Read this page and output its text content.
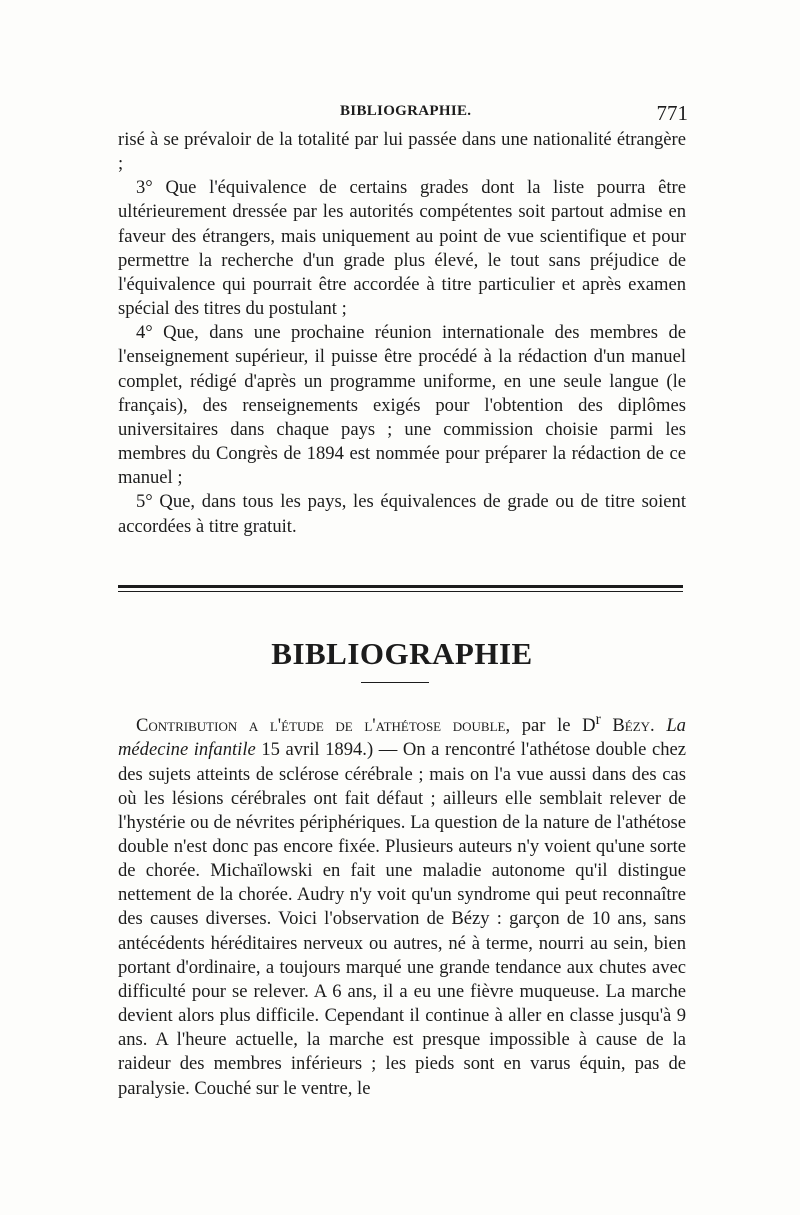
BIBLIOGRAPHIE.	771

risé à se prévaloir de la totalité par lui passée dans une nationalité étrangère ;

3° Que l'équivalence de certains grades dont la liste pourra être ultérieurement dressée par les autorités compétentes soit partout admise en faveur des étrangers, mais uniquement au point de vue scientifique et pour permettre la recherche d'un grade plus élevé, le tout sans préjudice de l'équivalence qui pourrait être accordée à titre particulier et après examen spécial des titres du postulant ;

4° Que, dans une prochaine réunion internationale des membres de l'enseignement supérieur, il puisse être procédé à la rédaction d'un manuel complet, rédigé d'après un programme uniforme, en une seule langue (le français), des renseignements exigés pour l'obtention des diplômes universitaires dans chaque pays ; une commission choisie parmi les membres du Congrès de 1894 est nommée pour préparer la rédaction de ce manuel ;

5° Que, dans tous les pays, les équivalences de grade ou de titre soient accordées à titre gratuit.

BIBLIOGRAPHIE

Contribution a l'étude de l'athétose double, par le $D^r$ Bézy. La médecine infantile 15 avril 1894.) — On a rencontré l'athétose double chez des sujets atteints de sclérose cérébrale ; mais on l'a vue aussi dans des cas où les lésions cérébrales ont fait défaut ; ailleurs elle semblait relever de l'hystérie ou de névrites périphériques. La question de la nature de l'athétose double n'est donc pas encore fixée. Plusieurs auteurs n'y voient qu'une sorte de chorée. Michaïlowski en fait une maladie autonome qu'il distingue nettement de la chorée. Audry n'y voit qu'un syndrome qui peut reconnaître des causes diverses. Voici l'observation de Bézy : garçon de 10 ans, sans antécédents héréditaires nerveux ou autres, né à terme, nourri au sein, bien portant d'ordinaire, a toujours marqué une grande tendance aux chutes avec difficulté pour se relever. A 6 ans, il a eu une fièvre muqueuse. La marche devient alors plus difficile. Cependant il continue à aller en classe jusqu'à 9 ans. A l'heure actuelle, la marche est presque impossible à cause de la raideur des membres inférieurs ; les pieds sont en varus équin, pas de paralysie. Couché sur le ventre, le
